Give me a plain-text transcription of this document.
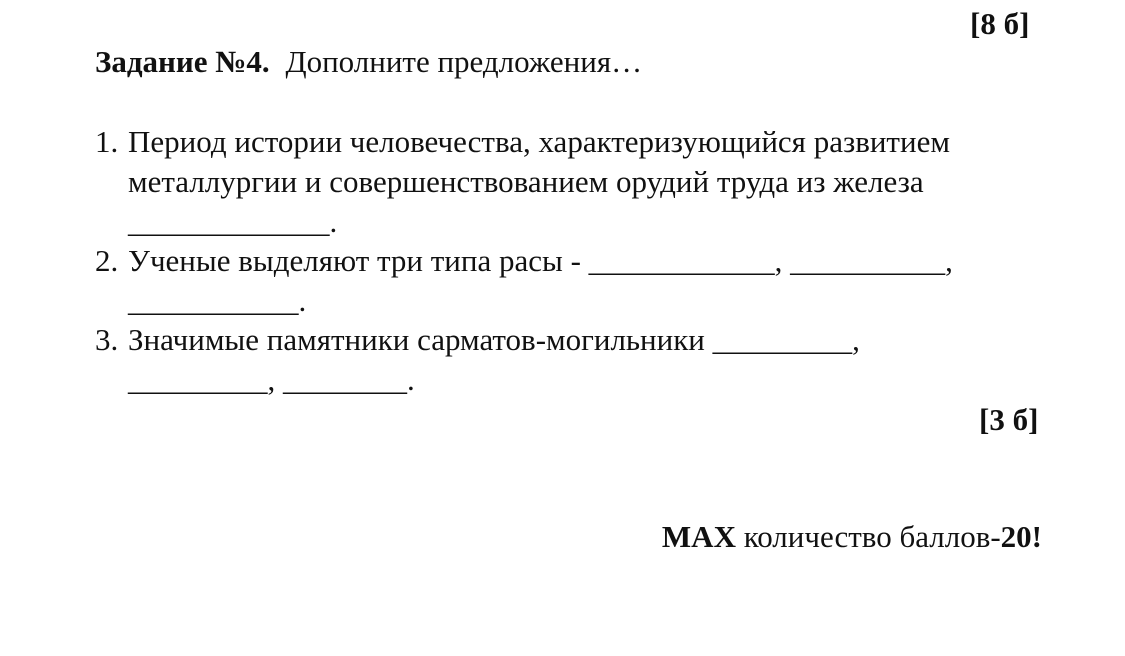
[8 б]
Задание №4. Дополните предложения…
1. Период истории человечества, характеризующийся развитием
металлургии и совершенствованием орудий труда из железа
_____________.
2. Ученые выделяют три типа расы - ____________, __________,
___________.
3. Значимые памятники сарматов-могильники _________,
_________, ________.
[3 б]
MAX количество баллов-20!
